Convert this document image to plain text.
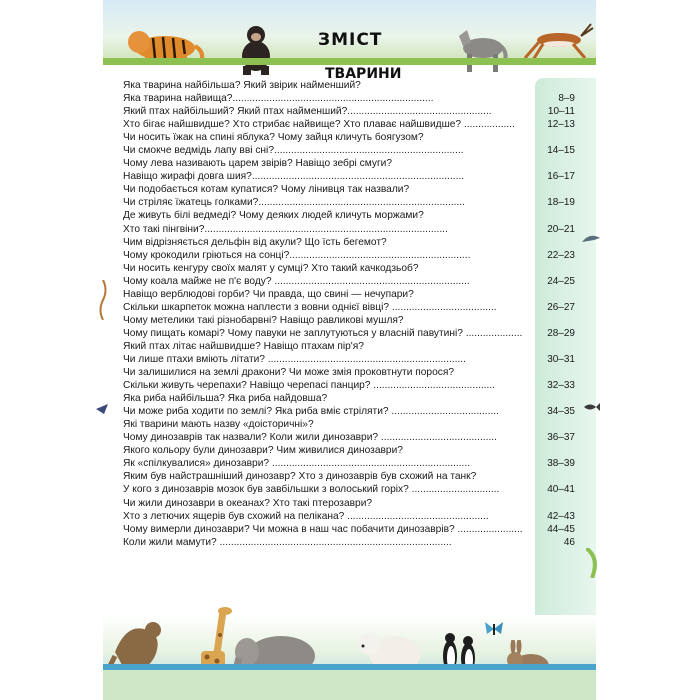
ЗМІСТ
ТВАРИНИ
Яка тварина найбільша? Який звірик найменший?
Яка тварина найвища?.......................................................................	8–9
Який птах найбільший? Який птах найменший?...................................................	10–11
Хто бігає найшвидше? Хто стрибає найвище? Хто плаває найшвидше? ..................	12–13
Чи носить їжак на спині яблука? Чому зайця кличуть боягузом?
Чи смокче ведмідь лапу вві сні?...................................................................	14–15
Чому лева називають царем звірів? Навіщо зебрі смуги?
Навіщо жирафі довга шия?...........................................................................	16–17
Чи подобається котам купатися? Чому лінивця так назвали?
Чи стріляє їжатець голками?.........................................................................	18–19
Де живуть білі ведмеді? Чому деяких людей кличуть моржами?
Хто такі пінгвіни?......................................................................................	20–21
Чим відрізняється дельфін від акули? Що їсть бегемот?
Чому крокодили гріються на сонці?................................................................	22–23
Чи носить кенгуру своїх малят у сумці? Хто такий качкодзьоб?
Чому коала майже не п'є воду? .....................................................................	24–25
Навіщо верблюдові горби? Чи правда, що свині — нечупари?
Скільки шкарпеток можна наплести з вовни однієї вівці? .....................................	26–27
Чому метелики такі різнобарвні? Навіщо равликові мушля?
Чому пищать комарі? Чому павуки не заплутуються у власній павутині? .................... 28–29
Який птах літає найшвидше? Навіщо птахам пір'я?
Чи лише птахи вміють літати? ......................................................................	30–31
Чи залишилися на землі дракони? Чи може змія проковтнути порося?
Скільки живуть черепахи? Навіщо черепасі панцир? ...........................................	32–33
Яка риба найбільша? Яка риба найдовша?
Чи може риба ходити по землі? Яка риба вміє стріляти? ......................................	34–35
Які тварини мають назву «доісторичні»?
Чому динозаврів так назвали? Коли жили динозаври? .........................................	36–37
Якого кольору були динозаври? Чим живилися динозаври?
Як «спілкувалися» динозаври? ......................................................................	38–39
Яким був найстрашніший динозавр? Хто з динозаврів був схожий на танк?
У кого з динозаврів мозок був завбільшки з волоський горіх? ...............................	40–41
Чи жили динозаври в океанах? Хто такі птерозаври?
Хто з летючих ящерів був схожий на пелікана? ..................................................	42–43
Чому вимерли динозаври? Чи можна в наш час побачити динозаврів? ....................... 44–45
Коли жили мамути? ..................................................................................	46
